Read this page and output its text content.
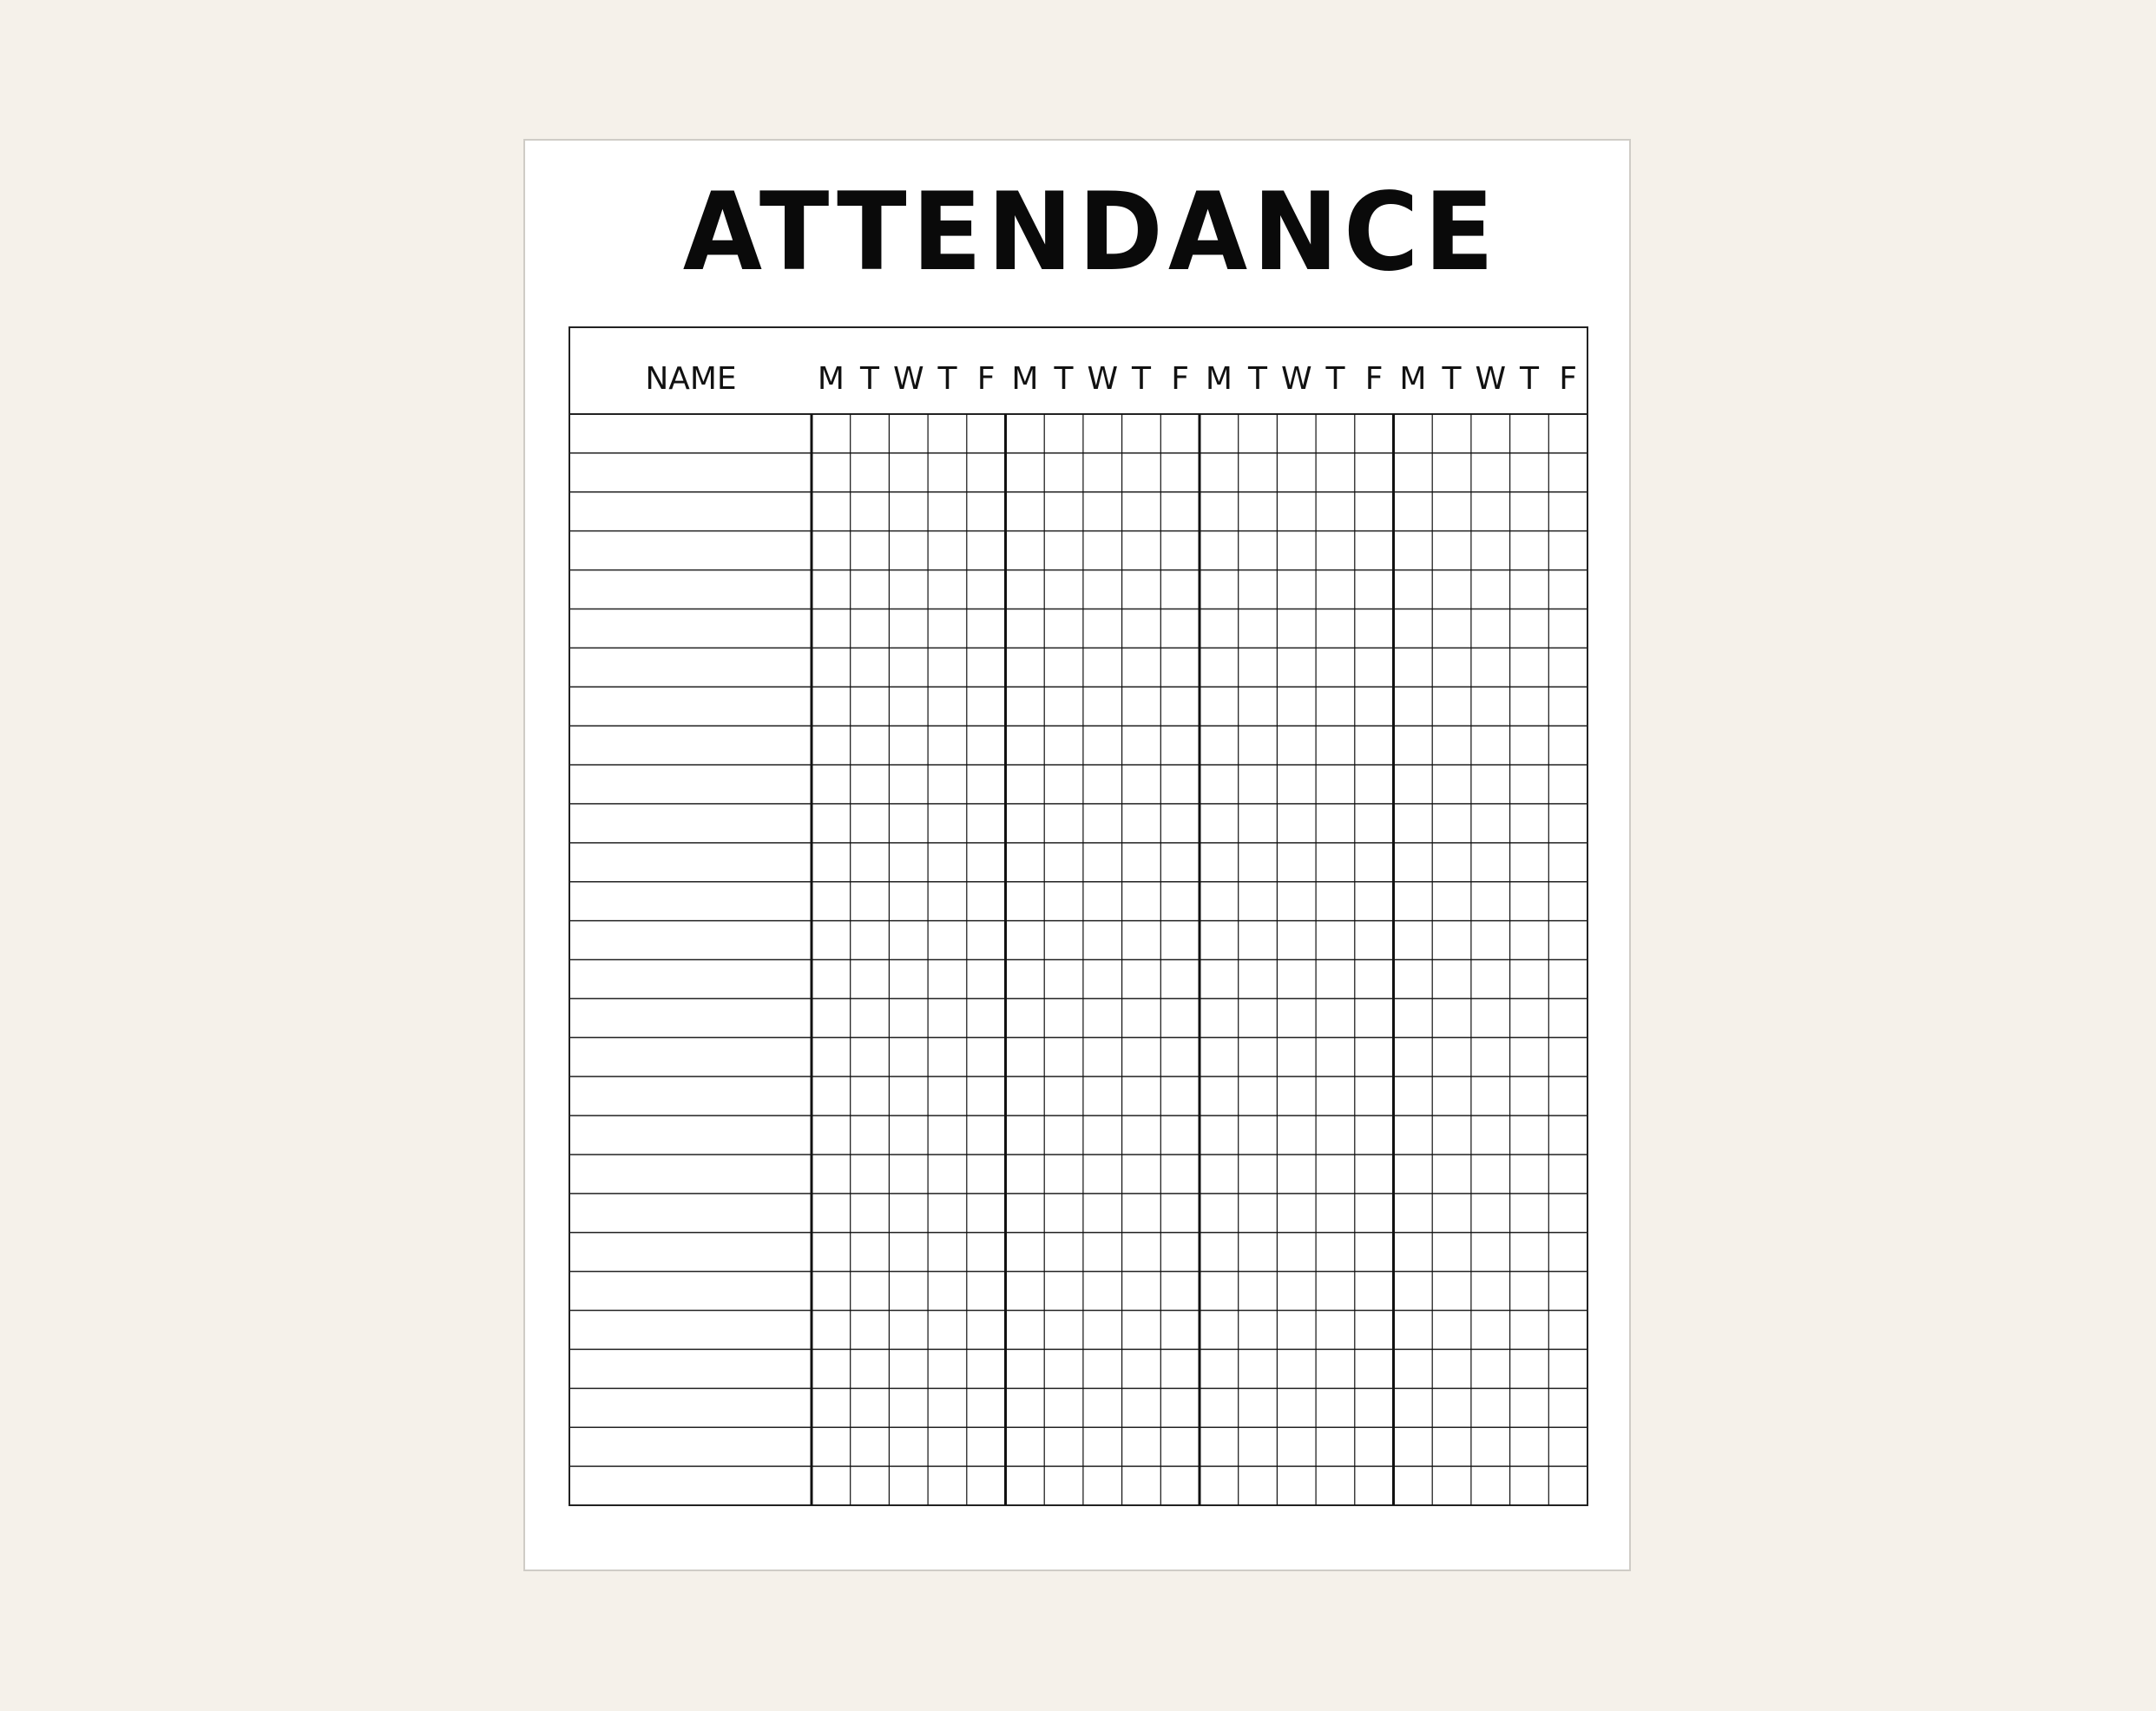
ATTENDANCE
NAME	M T W T F M T W T F M T W T F M T W T F
